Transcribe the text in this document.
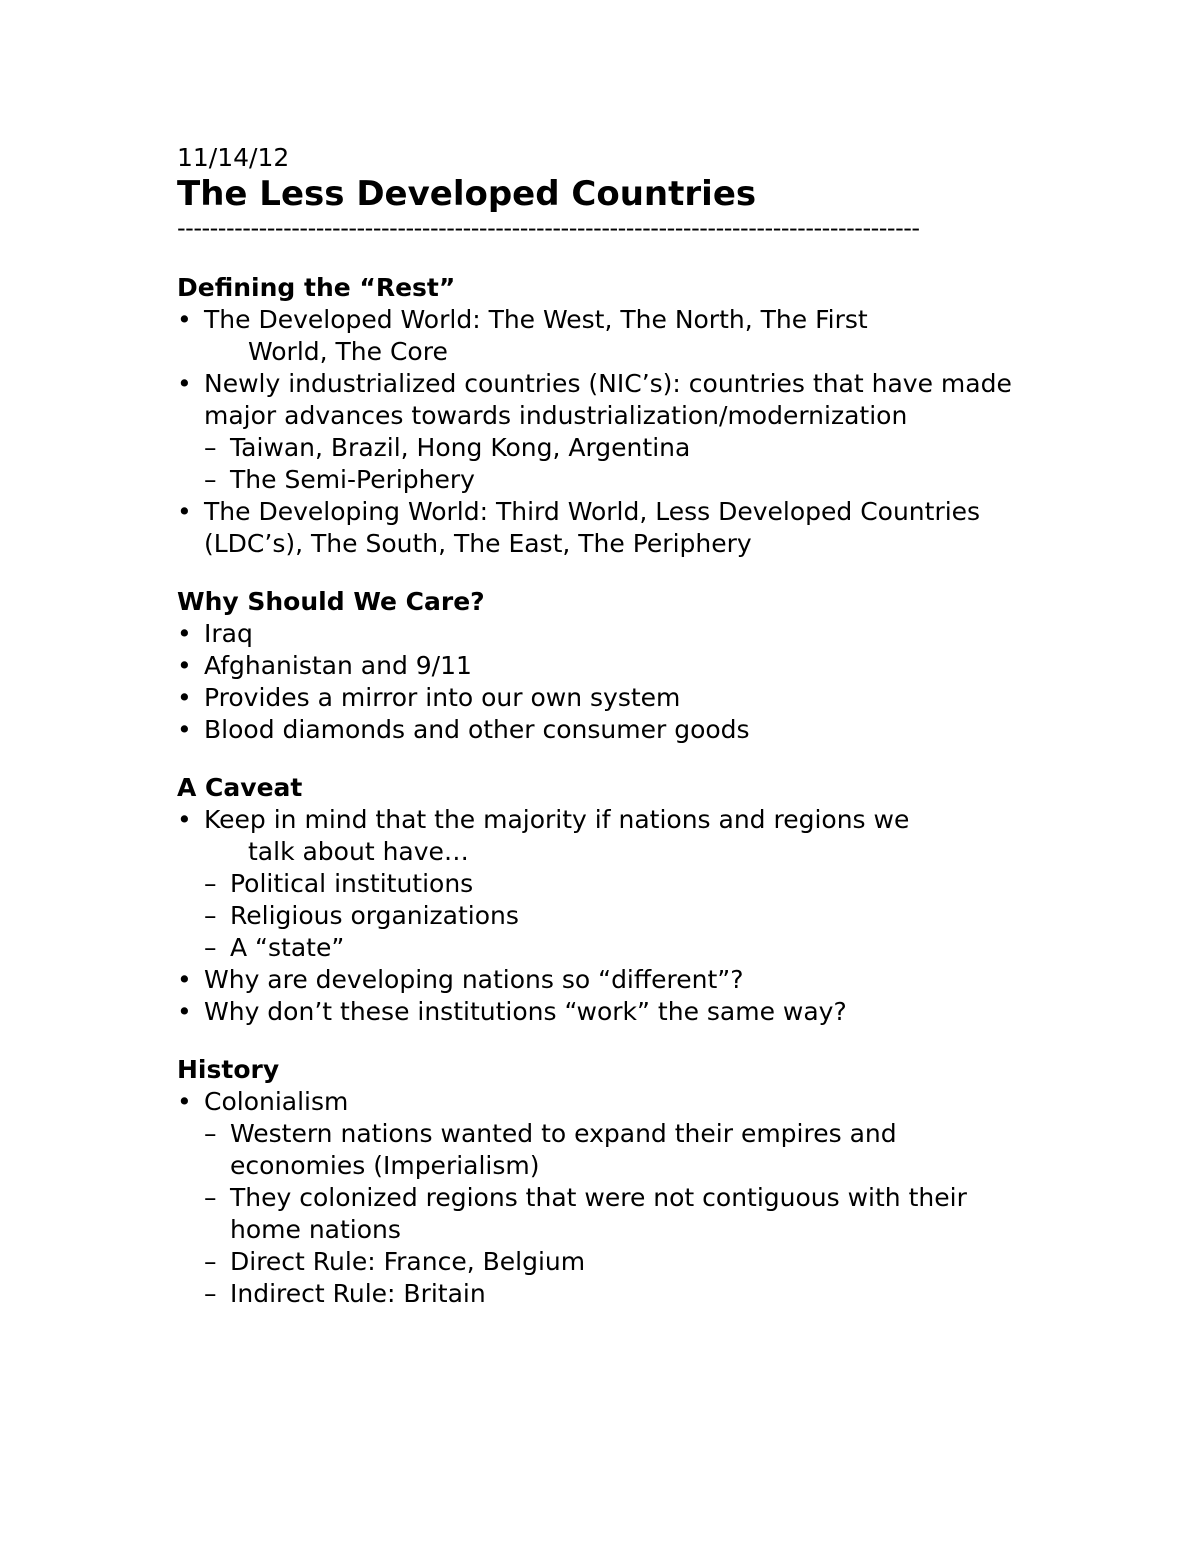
11/14/12

The Less Developed Countries

-------------------------------------------------------------------------------------------

Defining the “Rest”
• The Developed World: The West, The North, The First
World, The Core
• Newly industrialized countries (NIC’s): countries that have made major advances towards industrialization/modernization
– Taiwan, Brazil, Hong Kong, Argentina
– The Semi-Periphery
• The Developing World: Third World, Less Developed Countries (LDC’s), The South, The East, The Periphery
Why Should We Care?
• Iraq
• Afghanistan and 9/11
• Provides a mirror into our own system
• Blood diamonds and other consumer goods
A Caveat
• Keep in mind that the majority if nations and regions we
talk about have…
– Political institutions
– Religious organizations
– A “state”
• Why are developing nations so “different”?
• Why don’t these institutions “work” the same way?
History
• Colonialism
– Western nations wanted to expand their empires and economies (Imperialism)
– They colonized regions that were not contiguous with their home nations
– Direct Rule: France, Belgium
– Indirect Rule: Britain
